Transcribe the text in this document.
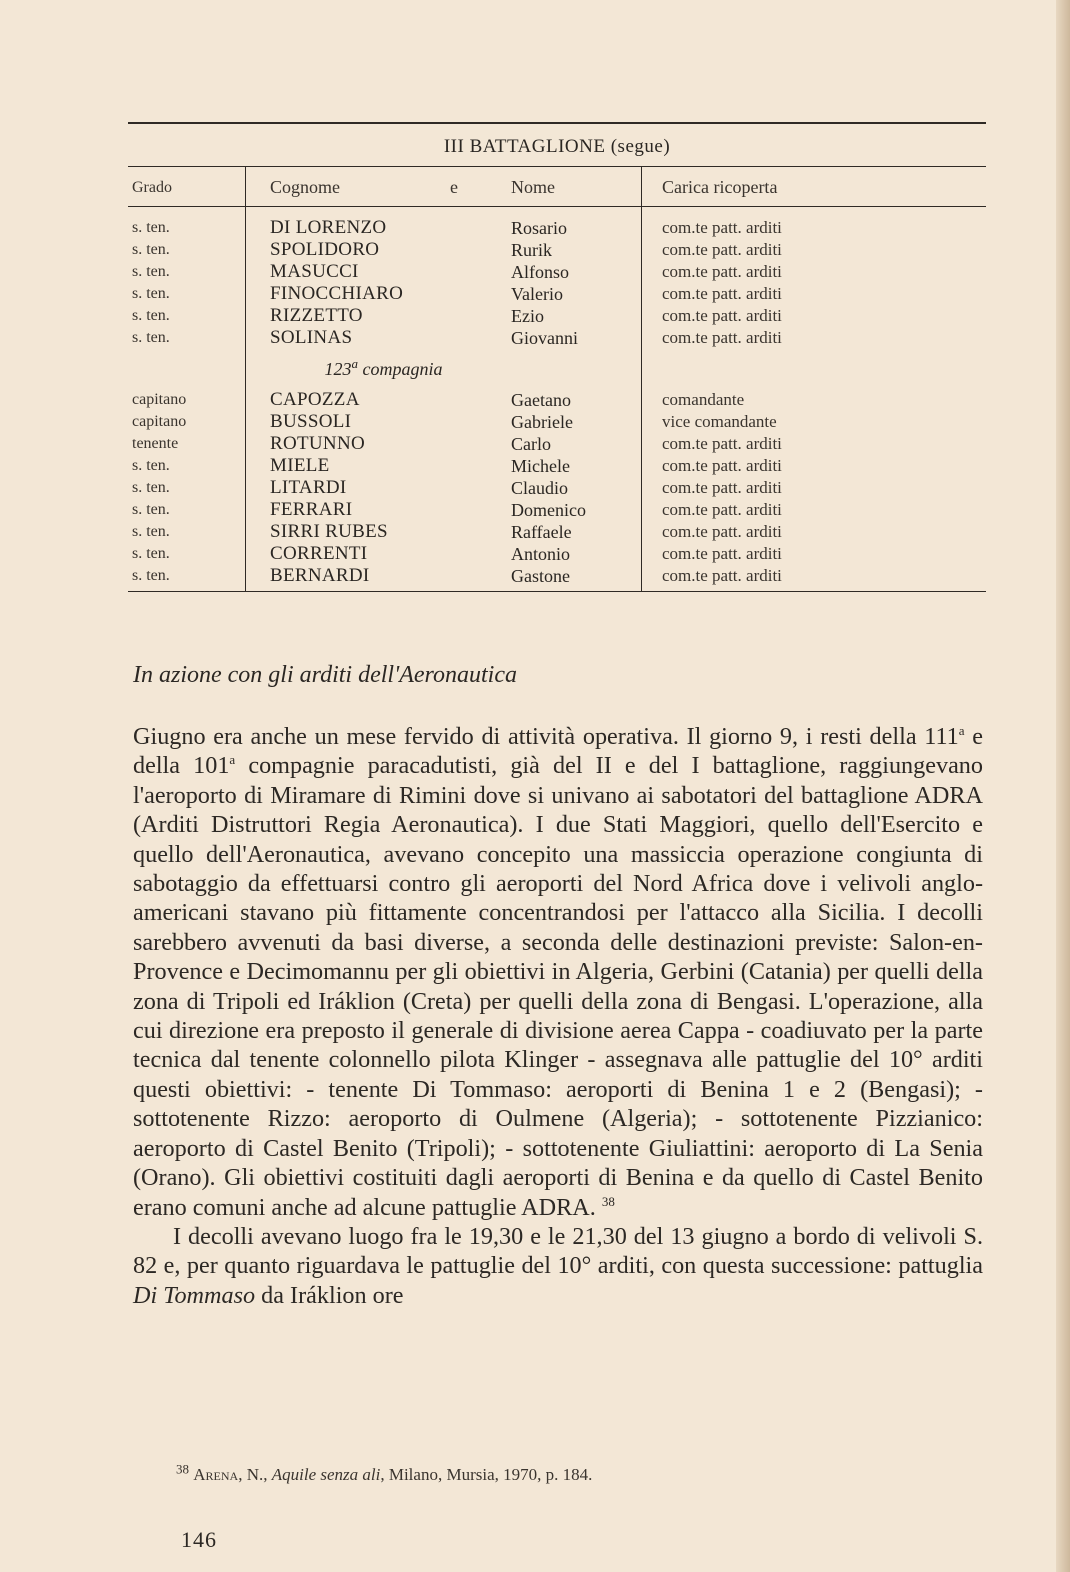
III BATTAGLIONE (segue)
Grado	Cognome e	Nome	Carica ricoperta
s. ten.	DI LORENZO	Rosario	com.te patt. arditi
s. ten.	SPOLIDORO	Rurik	com.te patt. arditi
s. ten.	MASUCCI	Alfonso	com.te patt. arditi
s. ten.	FINOCCHIARO	Valerio	com.te patt. arditi
s. ten.	RIZZETTO	Ezio	com.te patt. arditi
s. ten.	SOLINAS	Giovanni	com.te patt. arditi
	123$^a$ compagnia		
capitano	CAPOZZA	Gaetano	comandante
capitano	BUSSOLI	Gabriele	vice comandante
tenente	ROTUNNO	Carlo	com.te patt. arditi
s. ten.	MIELE	Michele	com.te patt. arditi
s. ten.	LITARDI	Claudio	com.te patt. arditi
s. ten.	FERRARI	Domenico	com.te patt. arditi
s. ten.	SIRRI RUBES	Raffaele	com.te patt. arditi
s. ten.	CORRENTI	Antonio	com.te patt. arditi
s. ten.	BERNARDI	Gastone	com.te patt. arditi
In azione con gli arditi dell'Aeronautica

Giugno era anche un mese fervido di attività operativa. Il giorno 9, i resti della 111$^a$ e della 101$^a$ compagnie paracadutisti, già del II e del I battaglione, raggiungevano l'aeroporto di Miramare di Rimini dove si univano ai sabotatori del battaglione ADRA (Arditi Distruttori Regia Aeronautica). I due Stati Maggiori, quello dell'Esercito e quello dell'Aeronautica, avevano concepito una massiccia operazione congiunta di sabotaggio da effettuarsi contro gli aeroporti del Nord Africa dove i velivoli anglo-americani stavano più fittamente concentrandosi per l'attacco alla Sicilia. I decolli sarebbero avvenuti da basi diverse, a seconda delle destinazioni previste: Salon-en-Provence e Decimomannu per gli obiettivi in Algeria, Gerbini (Catania) per quelli della zona di Tripoli ed Iráklion (Creta) per quelli della zona di Bengasi. L'operazione, alla cui direzione era preposto il generale di divisione aerea Cappa - coadiuvato per la parte tecnica dal tenente colonnello pilota Klinger - assegnava alle pattuglie del 10° arditi questi obiettivi: - tenente Di Tommaso: aeroporti di Benina 1 e 2 (Bengasi); - sottotenente Rizzo: aeroporto di Oulmene (Algeria); - sottotenente Pizzianico: aeroporto di Castel Benito (Tripoli); - sottotenente Giuliattini: aeroporto di La Senia (Orano). Gli obiettivi costituiti dagli aeroporti di Benina e da quello di Castel Benito erano comuni anche ad alcune pattuglie ADRA. $^{38}$

I decolli avevano luogo fra le 19,30 e le 21,30 del 13 giugno a bordo di velivoli S. 82 e, per quanto riguardava le pattuglie del 10° arditi, con questa successione: pattuglia Di Tommaso da Iráklion ore

$^{38}$ Arena, N., Aquile senza ali, Milano, Mursia, 1970, p. 184.
146
